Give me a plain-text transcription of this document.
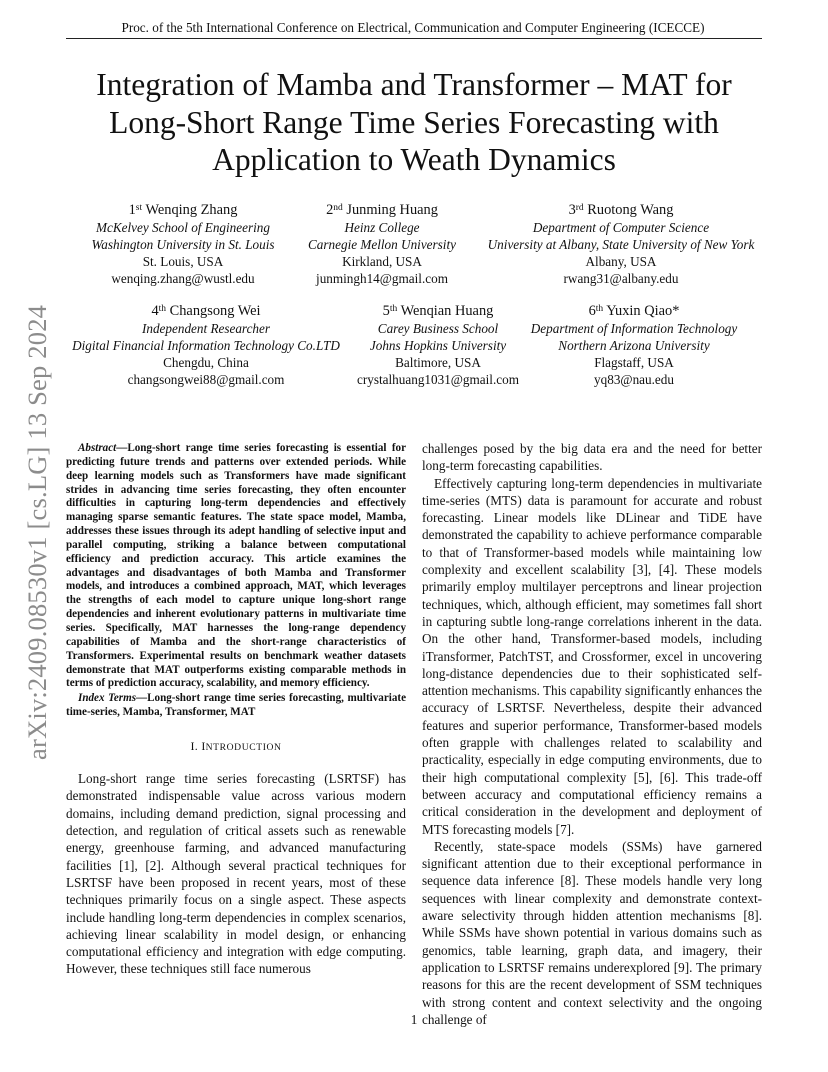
Proc. of the 5th International Conference on Electrical, Communication and Computer Engineering (ICECCE)
arXiv:2409.08530v1 [cs.LG] 13 Sep 2024
Integration of Mamba and Transformer – MAT for
Long-Short Range Time Series Forecasting with
Application to Weath Dynamics
1st Wenqing Zhang
McKelvey School of Engineering
Washington University in St. Louis
St. Louis, USA
wenqing.zhang@wustl.edu
2nd Junming Huang
Heinz College
Carnegie Mellon University
Kirkland, USA
junmingh14@gmail.com
3rd Ruotong Wang
Department of Computer Science
University at Albany, State University of New York
Albany, USA
rwang31@albany.edu
4th Changsong Wei
Independent Researcher
Digital Financial Information Technology Co.LTD
Chengdu, China
changsongwei88@gmail.com
5th Wenqian Huang
Carey Business School
Johns Hopkins University
Baltimore, USA
crystalhuang1031@gmail.com
6th Yuxin Qiao*
Department of Information Technology
Northern Arizona University
Flagstaff, USA
yq83@nau.edu

Abstract—Long-short range time series forecasting is essential for predicting future trends and patterns over extended periods. While deep learning models such as Transformers have made significant strides in advancing time series forecasting, they often encounter difficulties in capturing long-term dependencies and effectively managing sparse semantic features. The state space model, Mamba, addresses these issues through its adept handling of selective input and parallel computing, striking a balance between computational efficiency and prediction accuracy. This article examines the advantages and disadvantages of both Mamba and Transformer models, and introduces a combined approach, MAT, which leverages the strengths of each model to capture unique long-short range dependencies and inherent evolutionary patterns in multivariate time series. Specifically, MAT harnesses the long-range dependency capabilities of Mamba and the short-range characteristics of Transformers. Experimental results on benchmark weather datasets demonstrate that MAT outperforms existing comparable methods in terms of prediction accuracy, scalability, and memory efficiency.

Index Terms—Long-short range time series forecasting, multivariate time-series, Mamba, Transformer, MAT

I. INTRODUCTION

Long-short range time series forecasting (LSRTSF) has demonstrated indispensable value across various modern domains, including demand prediction, signal processing and detection, and regulation of critical assets such as renewable energy, greenhouse farming, and advanced manufacturing facilities [1], [2]. Although several practical techniques for LSRTSF have been proposed in recent years, most of these techniques primarily focus on a single aspect. These aspects include handling long-term dependencies in complex scenarios, achieving linear scalability in model design, or enhancing computational efficiency and integration with edge computing. However, these techniques still face numerous

challenges posed by the big data era and the need for better long-term forecasting capabilities.

Effectively capturing long-term dependencies in multivariate time-series (MTS) data is paramount for accurate and robust forecasting. Linear models like DLinear and TiDE have demonstrated the capability to achieve performance comparable to that of Transformer-based models while maintaining low complexity and excellent scalability [3], [4]. These models primarily employ multilayer perceptrons and linear projection techniques, which, although efficient, may sometimes fall short in capturing subtle long-range correlations inherent in the data. On the other hand, Transformer-based models, including iTransformer, PatchTST, and Crossformer, excel in uncovering long-distance dependencies due to their sophisticated self-attention mechanisms. This capability significantly enhances the accuracy of LSRTSF. Nevertheless, despite their advanced features and superior performance, Transformer-based models often grapple with challenges related to scalability and practicality, especially in edge computing environments, due to their high computational complexity [5], [6]. This trade-off between accuracy and computational efficiency remains a critical consideration in the development and deployment of MTS forecasting models [7].

Recently, state-space models (SSMs) have garnered significant attention due to their exceptional performance in sequence data inference [8]. These models handle very long sequences with linear complexity and demonstrate context-aware selectivity through hidden attention mechanisms [8]. While SSMs have shown potential in various domains such as genomics, table learning, graph data, and imagery, their application to LSRTSF remains underexplored [9]. The primary reasons for this are the recent development of SSM techniques with strong content and context selectivity and the ongoing challenge of

1
